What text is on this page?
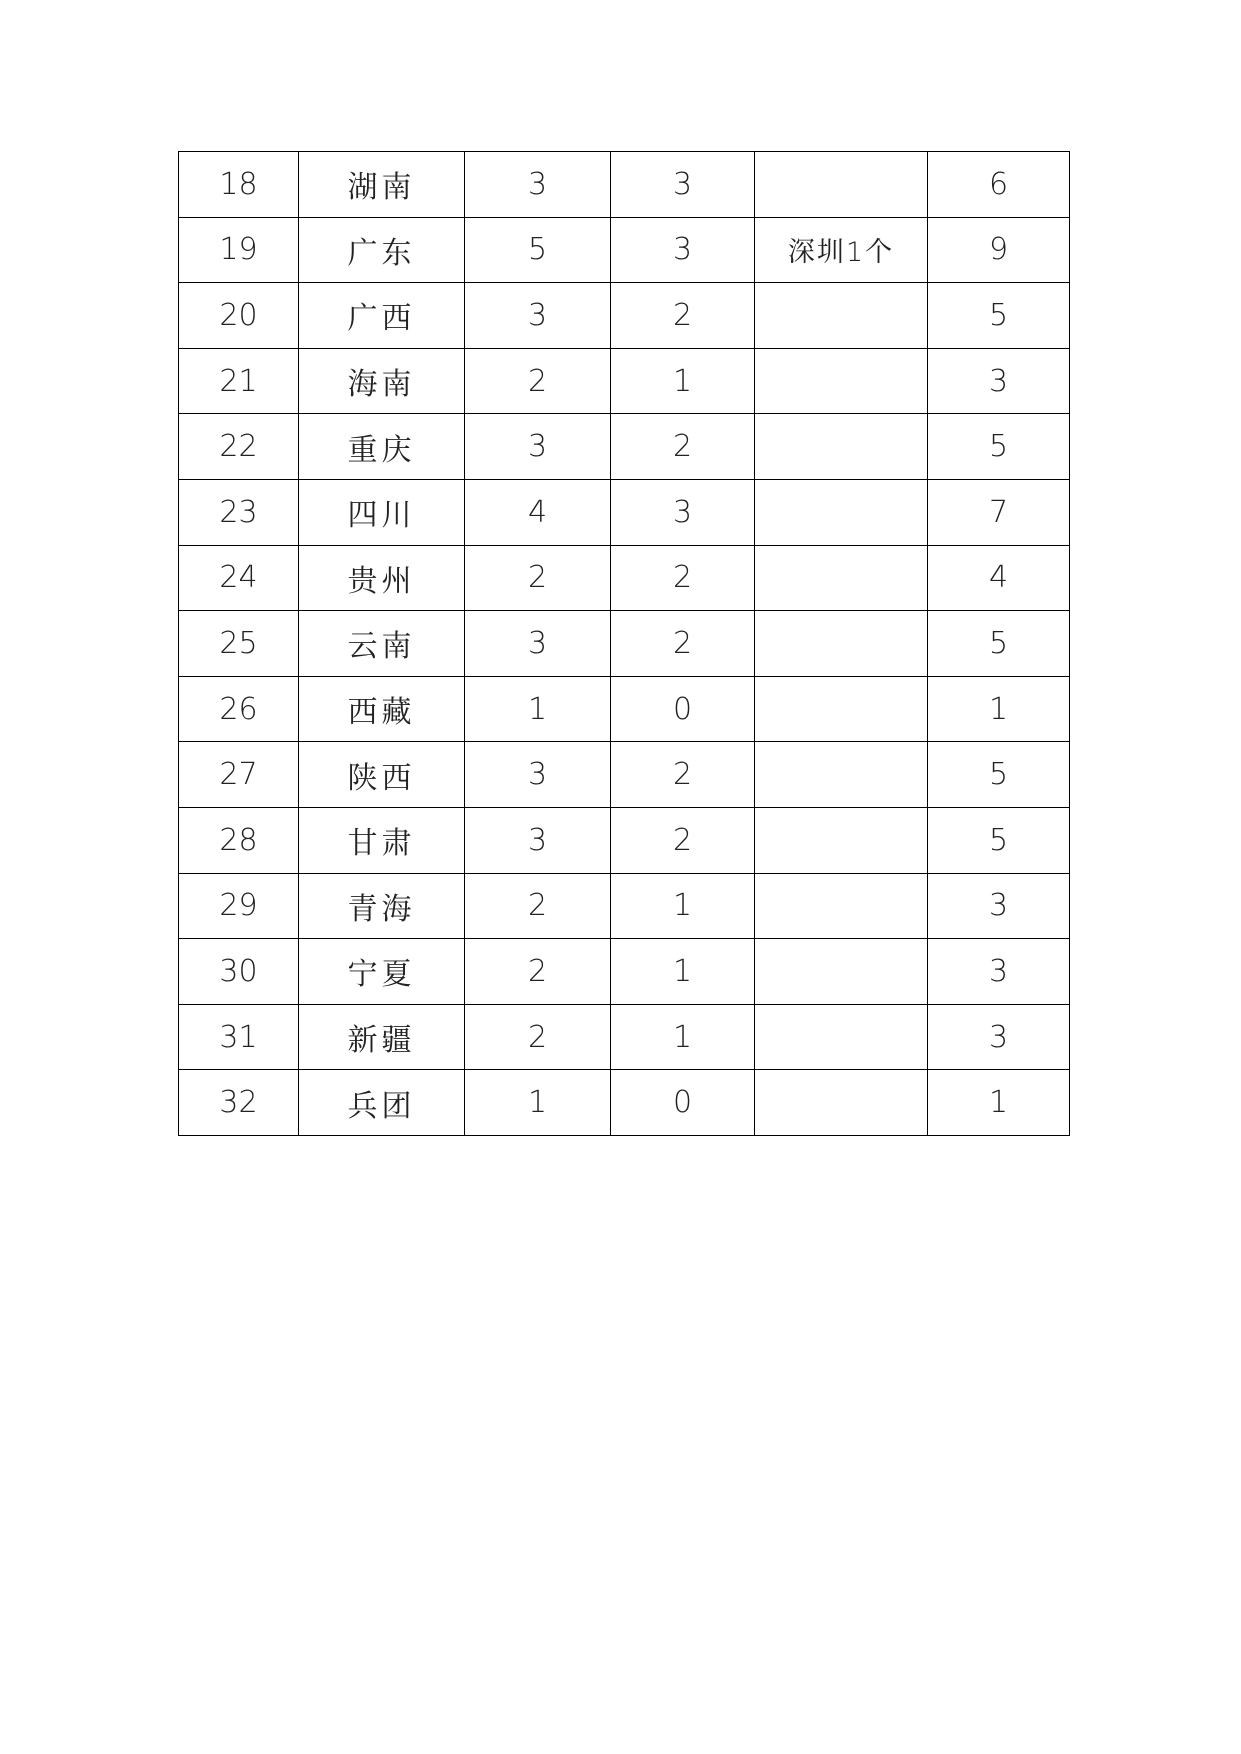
18	湖南	3	3		6
19	广东	5	3	深圳1个	9
20	广西	3	2		5
21	海南	2	1		3
22	重庆	3	2		5
23	四川	4	3		7
24	贵州	2	2		4
25	云南	3	2		5
26	西藏	1	0		1
27	陕西	3	2		5
28	甘肃	3	2		5
29	青海	2	1		3
30	宁夏	2	1		3
31	新疆	2	1		3
32	兵团	1	0		1
